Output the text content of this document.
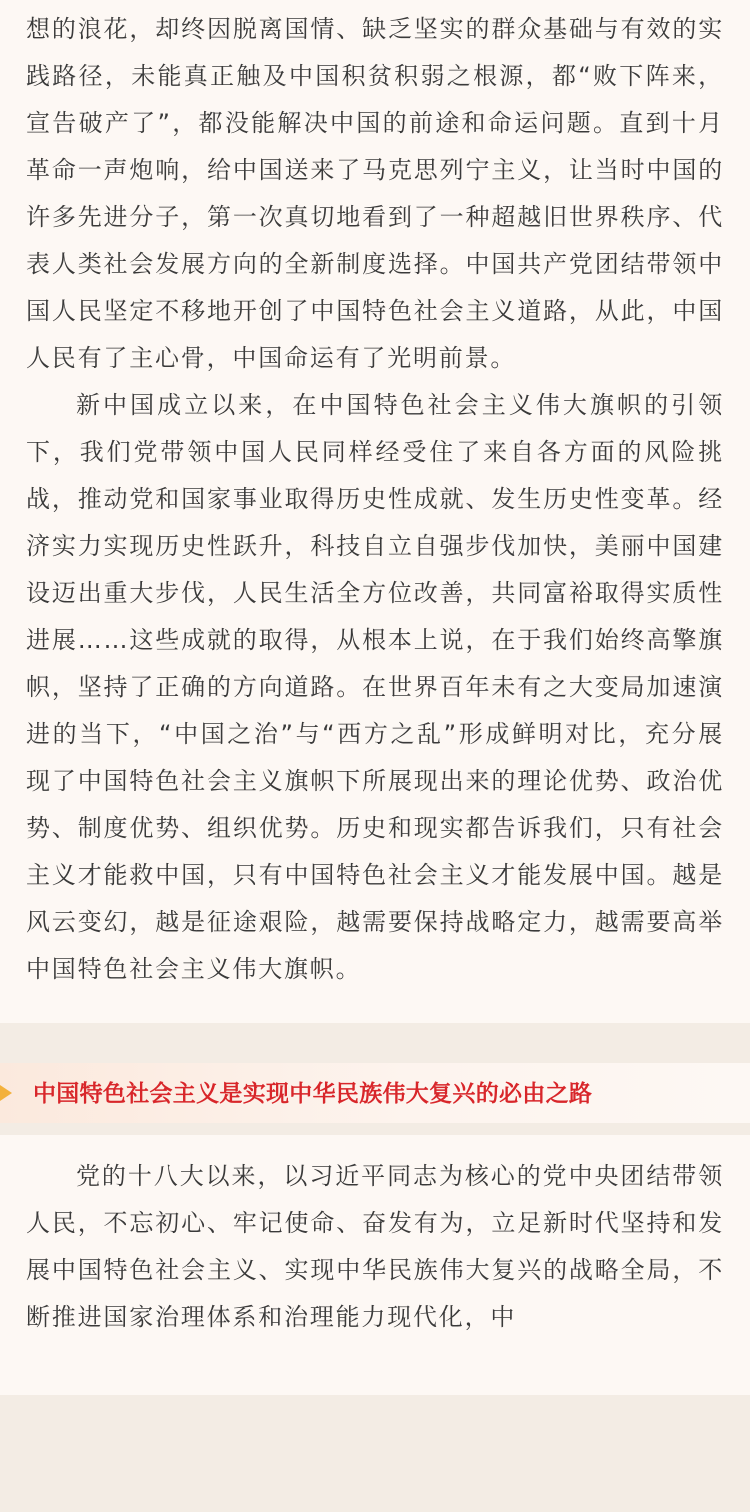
想的浪花，却终因脱离国情、缺乏坚实的群众基础与有效的实践路径，未能真正触及中国积贫积弱之根源，都“败下阵来，宣告破产了”，都没能解决中国的前途和命运问题。直到十月革命一声炮响，给中国送来了马克思列宁主义，让当时中国的许多先进分子，第一次真切地看到了一种超越旧世界秩序、代表人类社会发展方向的全新制度选择。中国共产党团结带领中国人民坚定不移地开创了中国特色社会主义道路，从此，中国人民有了主心骨，中国命运有了光明前景。

新中国成立以来，在中国特色社会主义伟大旗帜的引领下，我们党带领中国人民同样经受住了来自各方面的风险挑战，推动党和国家事业取得历史性成就、发生历史性变革。经济实力实现历史性跃升，科技自立自强步伐加快，美丽中国建设迈出重大步伐，人民生活全方位改善，共同富裕取得实质性进展……这些成就的取得，从根本上说，在于我们始终高擎旗帜，坚持了正确的方向道路。在世界百年未有之大变局加速演进的当下，“中国之治”与“西方之乱”形成鲜明对比，充分展现了中国特色社会主义旗帜下所展现出来的理论优势、政治优势、制度优势、组织优势。历史和现实都告诉我们，只有社会主义才能救中国，只有中国特色社会主义才能发展中国。越是风云变幻，越是征途艰险，越需要保持战略定力，越需要高举中国特色社会主义伟大旗帜。

中国特色社会主义是实现中华民族伟大复兴的必由之路

党的十八大以来，以习近平同志为核心的党中央团结带领人民，不忘初心、牢记使命、奋发有为，立足新时代坚持和发展中国特色社会主义、实现中华民族伟大复兴的战略全局，不断推进国家治理体系和治理能力现代化，中
